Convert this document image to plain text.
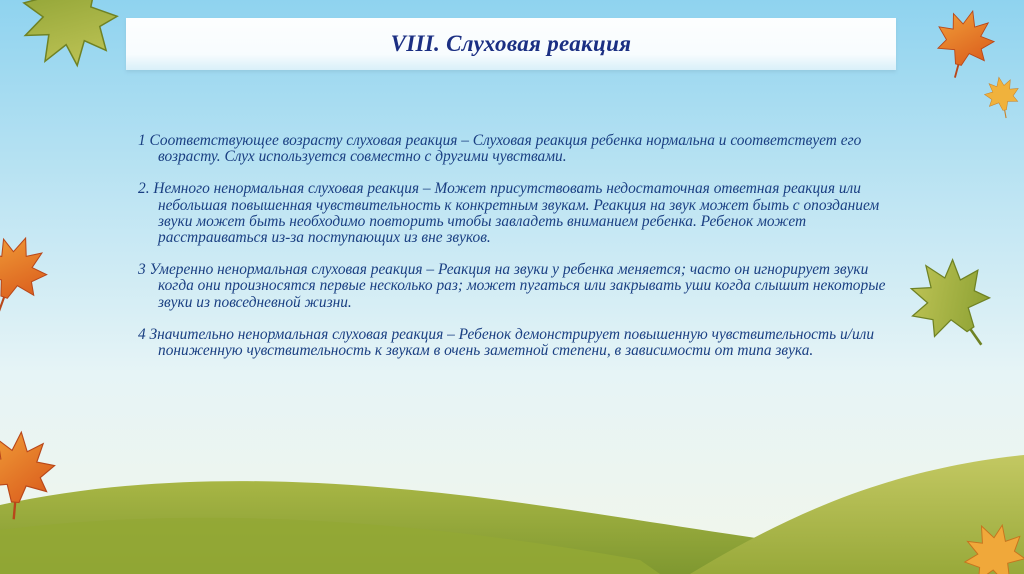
VIII. Слуховая реакция

1 Соответствующее возрасту слуховая реакция – Слуховая реакция ребенка нормальна и соответствует его возрасту. Слух используется совместно с другими чувствами.

2. Немного ненормальная слуховая реакция – Может присутствовать недостаточная ответная реакция или небольшая повышенная чувствительность к конкретным звукам. Реакция на звук может быть с опозданием звуки может быть необходимо повторить чтобы завладеть вниманием ребенка. Ребенок может расстраиваться из-за поступающих из вне звуков.

3 Умеренно ненормальная слуховая реакция – Реакция на звуки у ребенка меняется; часто он игнорирует звуки когда они произносятся первые несколько раз; может пугаться или закрывать уши когда слышит некоторые звуки из повседневной жизни.

4 Значительно ненормальная слуховая реакция – Ребенок демонстрирует повышенную чувствительность и/или пониженную чувствительность к звукам в очень заметной степени, в зависимости от типа звука.
